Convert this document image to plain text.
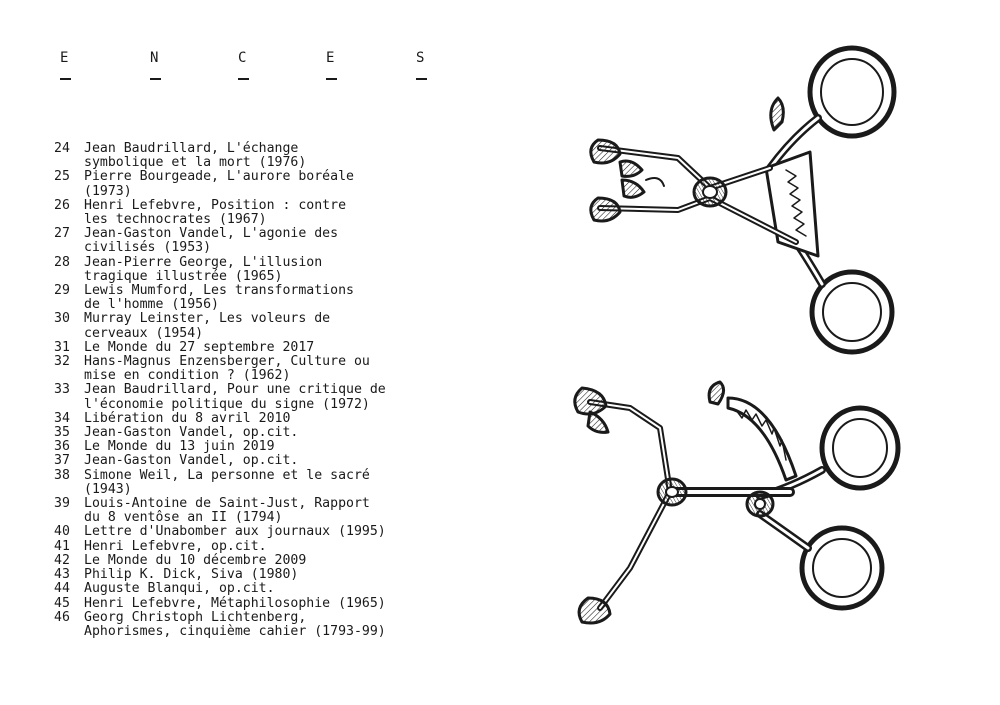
E	N	C	E	S
24	Jean Baudrillard, L'échange
symbolique et la mort (1976)
25	Pierre Bourgeade, L'aurore boréale
(1973)
26	Henri Lefebvre, Position : contre
les technocrates (1967)
27	Jean-Gaston Vandel, L'agonie des
civilisés (1953)
28	Jean-Pierre George, L'illusion
tragique illustrée (1965)
29	Lewis Mumford, Les transformations
de l'homme (1956)
30	Murray Leinster, Les voleurs de
cerveaux (1954)
31	Le Monde du 27 septembre 2017
32	Hans-Magnus Enzensberger, Culture ou
mise en condition ? (1962)
33	Jean Baudrillard, Pour une critique de
l'économie politique du signe (1972)
34	Libération du 8 avril 2010
35	Jean-Gaston Vandel, op.cit.
36	Le Monde du 13 juin 2019
37	Jean-Gaston Vandel, op.cit.
38	Simone Weil, La personne et le sacré
(1943)
39	Louis-Antoine de Saint-Just, Rapport
du 8 ventôse an II (1794)
40	Lettre d'Unabomber aux journaux (1995)
41	Henri Lefebvre, op.cit.
42	Le Monde du 10 décembre 2009
43	Philip K. Dick, Siva (1980)
44	Auguste Blanqui, op.cit.
45	Henri Lefebvre, Métaphilosophie (1965)
46	Georg Christoph Lichtenberg,
Aphorismes, cinquième cahier (1793-99)
